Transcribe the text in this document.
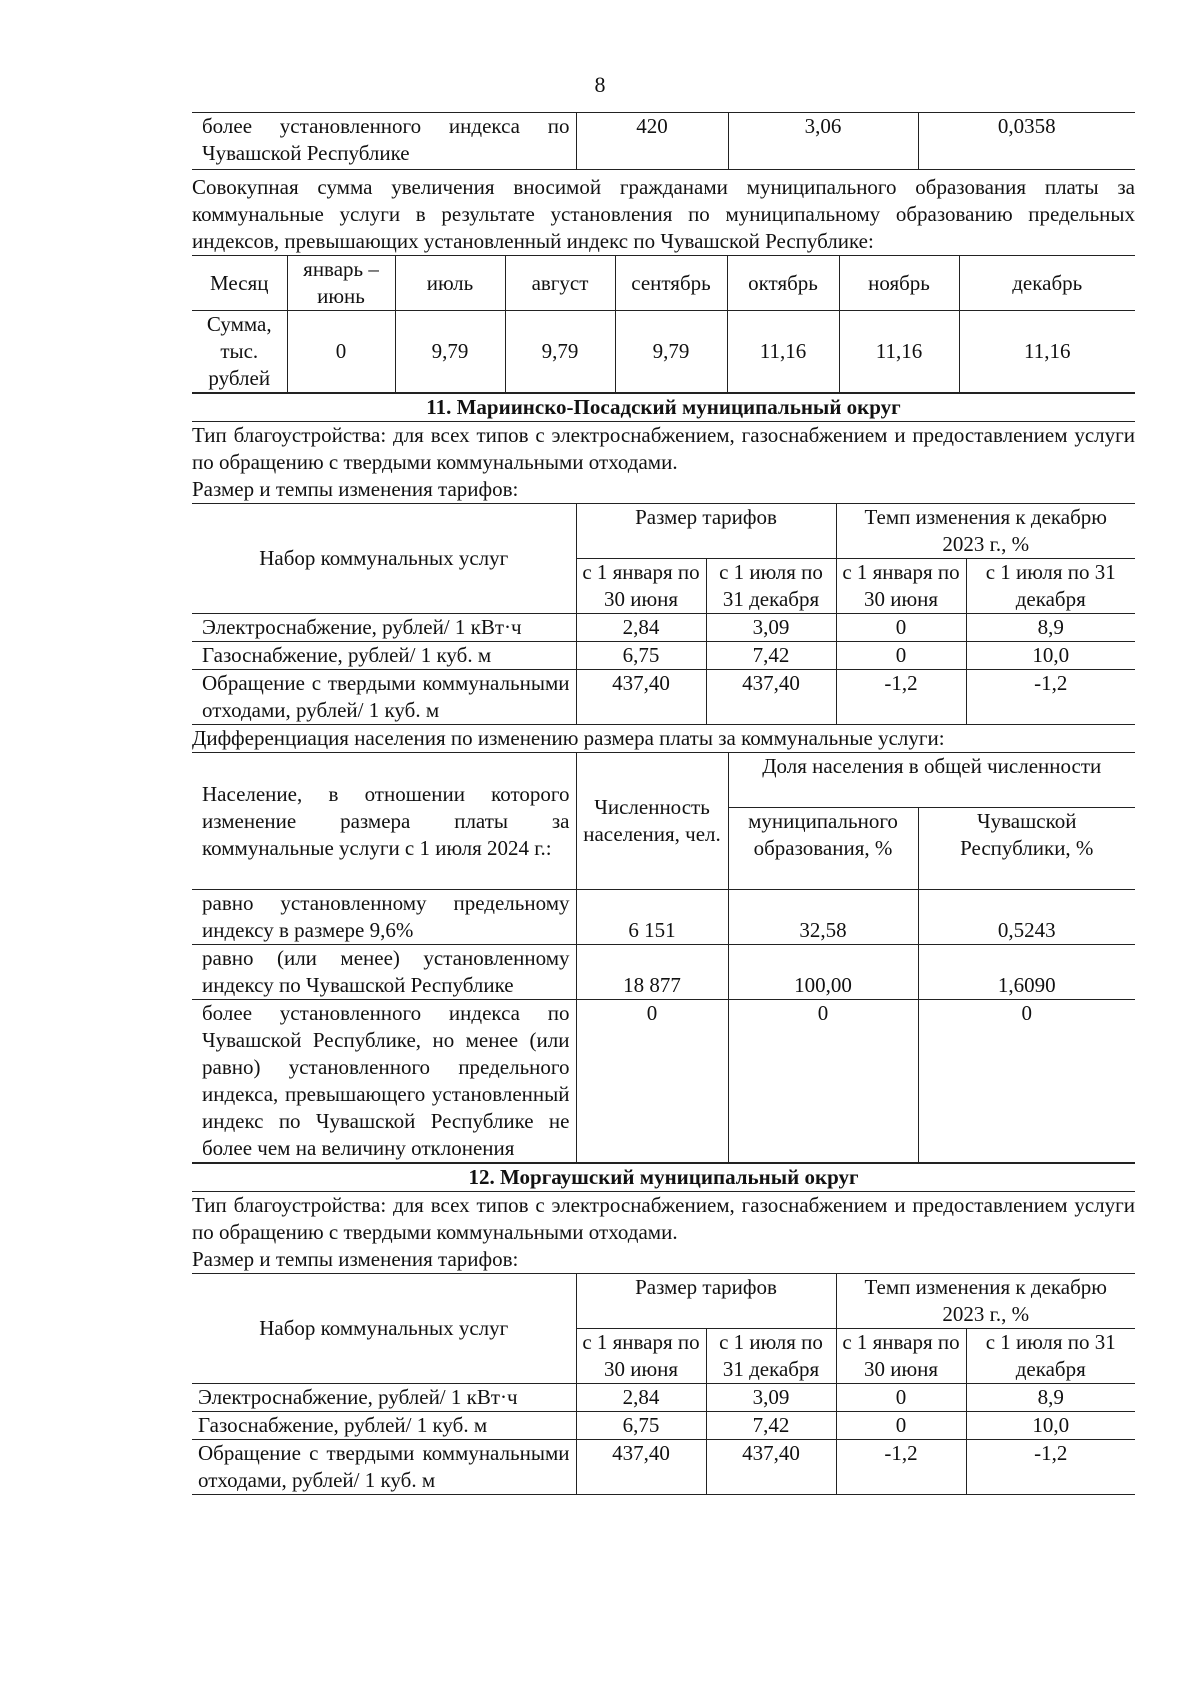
8
более установленного индекса по Чувашской Республике	420	3,06	0,0358

Совокупная сумма увеличения вносимой гражданами муниципального образования платы за коммунальные услуги в результате установления по муниципальному образованию предельных индексов, превышающих установленный индекс по Чувашской Республике:

Месяц	январь – июнь	июль	август	сентябрь	октябрь	ноябрь	декабрь
Сумма, тыс. рублей	0	9,79	9,79	9,79	11,16	11,16	11,16

11. Мариинско-Посадский муниципальный округ

Тип благоустройства: для всех типов с электроснабжением, газоснабжением и предоставлением услуги по обращению с твердыми коммунальными отходами.

Размер и темпы изменения тарифов:

Набор коммунальных услуг	Размер тарифов		Темп изменения к декабрю 2023 г., %	
	с 1 января по 30 июня	с 1 июля по 31 декабря	с 1 января по 30 июня	с 1 июля по 31 декабря
Электроснабжение, рублей/ 1 кВт·ч	2,84	3,09	0	8,9
Газоснабжение, рублей/ 1 куб. м	6,75	7,42	0	10,0
Обращение с твердыми коммунальными отходами, рублей/ 1 куб. м	437,40	437,40	-1,2	-1,2

Дифференциация населения по изменению размера платы за коммунальные услуги:

Население, в отношении которого изменение размера платы за коммунальные услуги с 1 июля 2024 г.:	Численность населения, чел.	Доля населения в общей численности	
		муниципального образования, %	Чувашской Республики, %
равно установленному предельному индексу в размере 9,6%	6 151	32,58	0,5243
равно (или менее) установленному индексу по Чувашской Республике	18 877	100,00	1,6090
более установленного индекса по Чувашской Республике, но менее (или равно) установленного предельного индекса, превышающего установленный индекс по Чувашской Республике не более чем на величину отклонения	0	0	0

12. Моргаушский муниципальный округ

Тип благоустройства: для всех типов с электроснабжением, газоснабжением и предоставлением услуги по обращению с твердыми коммунальными отходами.

Размер и темпы изменения тарифов:

Набор коммунальных услуг	Размер тарифов		Темп изменения к декабрю 2023 г., %	
	с 1 января по 30 июня	с 1 июля по 31 декабря	с 1 января по 30 июня	с 1 июля по 31 декабря
Электроснабжение, рублей/ 1 кВт·ч	2,84	3,09	0	8,9
Газоснабжение, рублей/ 1 куб. м	6,75	7,42	0	10,0
Обращение с твердыми коммунальными отходами, рублей/ 1 куб. м	437,40	437,40	-1,2	-1,2
